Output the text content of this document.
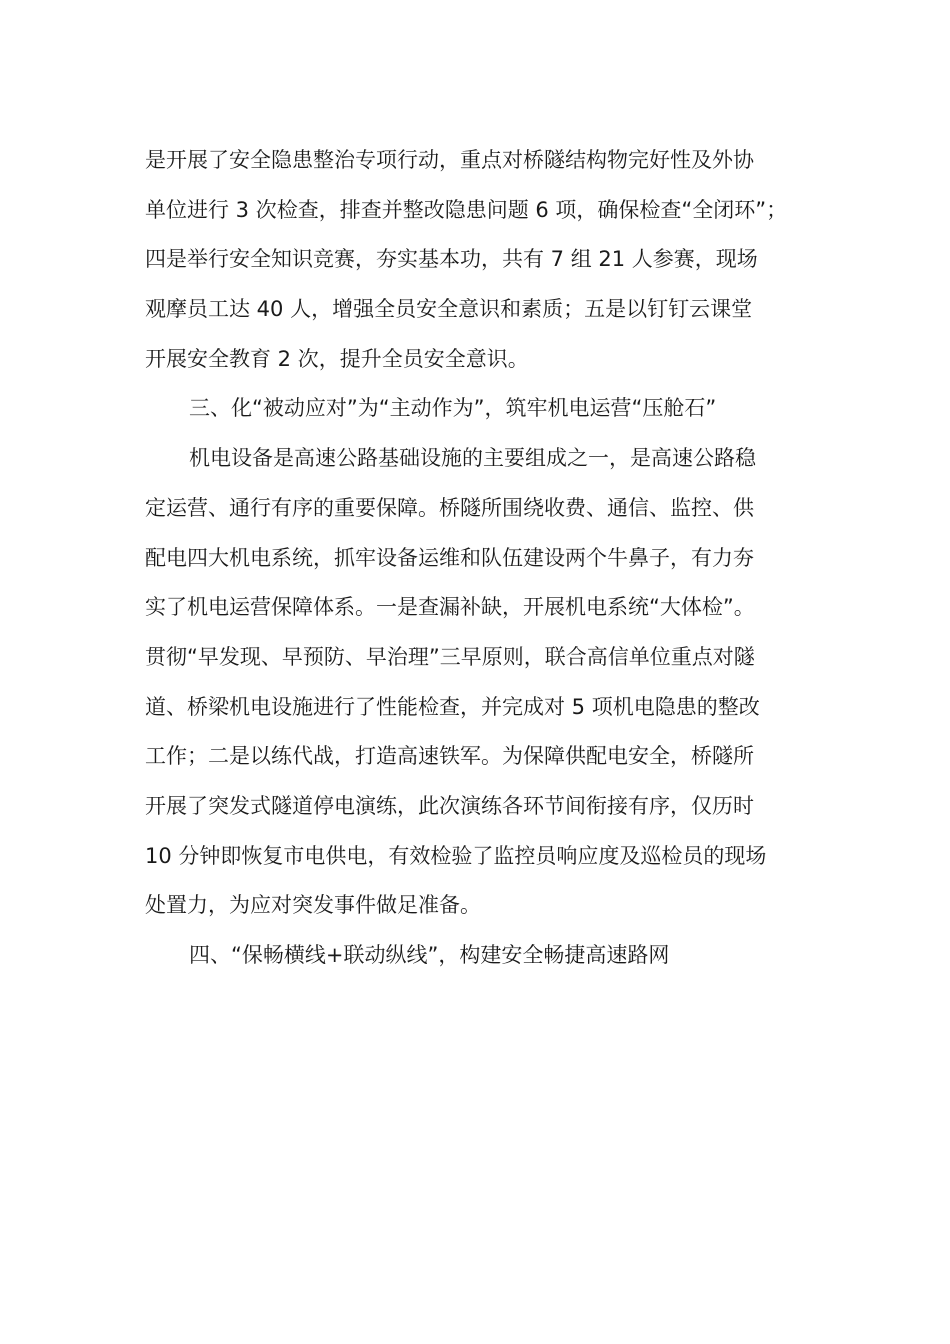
是开展了安全隐患整治专项行动，重点对桥隧结构物完好性及外协
单位进行 3 次检查，排查并整改隐患问题 6 项，确保检查“全闭环”；
四是举行安全知识竞赛，夯实基本功，共有 7 组 21 人参赛，现场
观摩员工达 40 人，增强全员安全意识和素质；五是以钉钉云课堂
开展安全教育 2 次，提升全员安全意识。
三、化“被动应对”为“主动作为”，筑牢机电运营“压舱石”
机电设备是高速公路基础设施的主要组成之一，是高速公路稳
定运营、通行有序的重要保障。桥隧所围绕收费、通信、监控、供
配电四大机电系统，抓牢设备运维和队伍建设两个牛鼻子，有力夯
实了机电运营保障体系。一是查漏补缺，开展机电系统“大体检”。
贯彻“早发现、早预防、早治理”三早原则，联合高信单位重点对隧
道、桥梁机电设施进行了性能检查，并完成对 5 项机电隐患的整改
工作；二是以练代战，打造高速铁军。为保障供配电安全，桥隧所
开展了突发式隧道停电演练，此次演练各环节间衔接有序，仅历时
10 分钟即恢复市电供电，有效检验了监控员响应度及巡检员的现场
处置力，为应对突发事件做足准备。
四、“保畅横线+联动纵线”，构建安全畅捷高速路网
